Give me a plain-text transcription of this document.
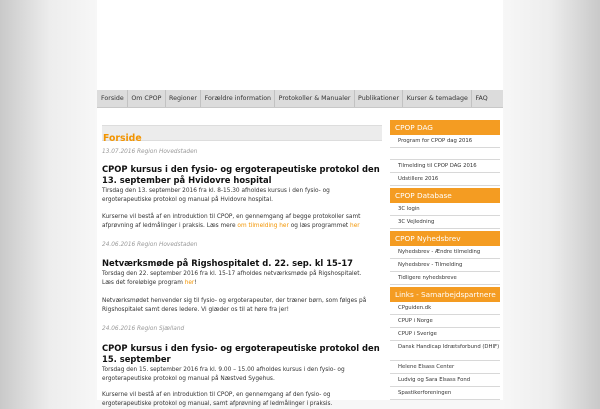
Forside	Om CPOP	Regioner	Forældre information	Protokoller & Manualer	Publikationer	Kurser & temadage	FAQ
Forside
13.07.2016 Region Hovedstaden
CPOP kursus i den fysio- og ergoterapeutiske protokol den 13. september på Hvidovre hospital
Tirsdag den 13. september 2016 fra kl. 8-15.30 afholdes kursus i den fysio- og ergoterapeutiske protokol og manual på Hvidovre hospital.
Kurserne vil bestå af en introduktion til CPOP, en gennemgang af begge protokoller samt afprøvning af ledmålinger i praksis. Læs mere om tilmelding her og læs programmet her
24.06.2016 Region Hovedstaden
Netværksmøde på Rigshospitalet d. 22. sep. kl 15-17
Torsdag den 22. september 2016 fra kl. 15-17 afholdes netværksmøde på Rigshospitalet. Læs det foreløbige program her!
Netværksmødet henvender sig til fysio- og ergoterapeuter, der træner børn, som følges på Rigshospitalet samt deres ledere. Vi glæder os til at høre fra jer!
24.06.2016 Region Sjælland
CPOP kursus i den fysio- og ergoterapeutiske protokol den 15. september
Torsdag den 15. september 2016 fra kl. 9.00 – 15.00 afholdes kursus i den fysio- og ergoterapeutiske protokol og manual på Næstved Sygehus.
Kurserne vil bestå af en introduktion til CPOP, en gennemgang af den fysio- og ergoterapeutiske protokol og manual, samt afprøvning af ledmålinger i praksis.
CPOP DAG
Program for CPOP dag 2016
Tilmelding til CPOP DAG 2016
Udstillere 2016
CPOP Database
3C login
3C Vejledning
CPOP Nyhedsbrev
Nyhedsbrev - Ændre tilmelding
Nyhedsbrev - Tilmelding
Tidligere nyhedsbreve
Links - Samarbejdspartnere
CPguiden.dk
CPUP i Norge
CPUP i Sverige
Dansk Handicap Idrætsforbund (DHIF)
Helene Elsass Center
Ludvig og Sara Elsass Fond
Spastikerforeningen
